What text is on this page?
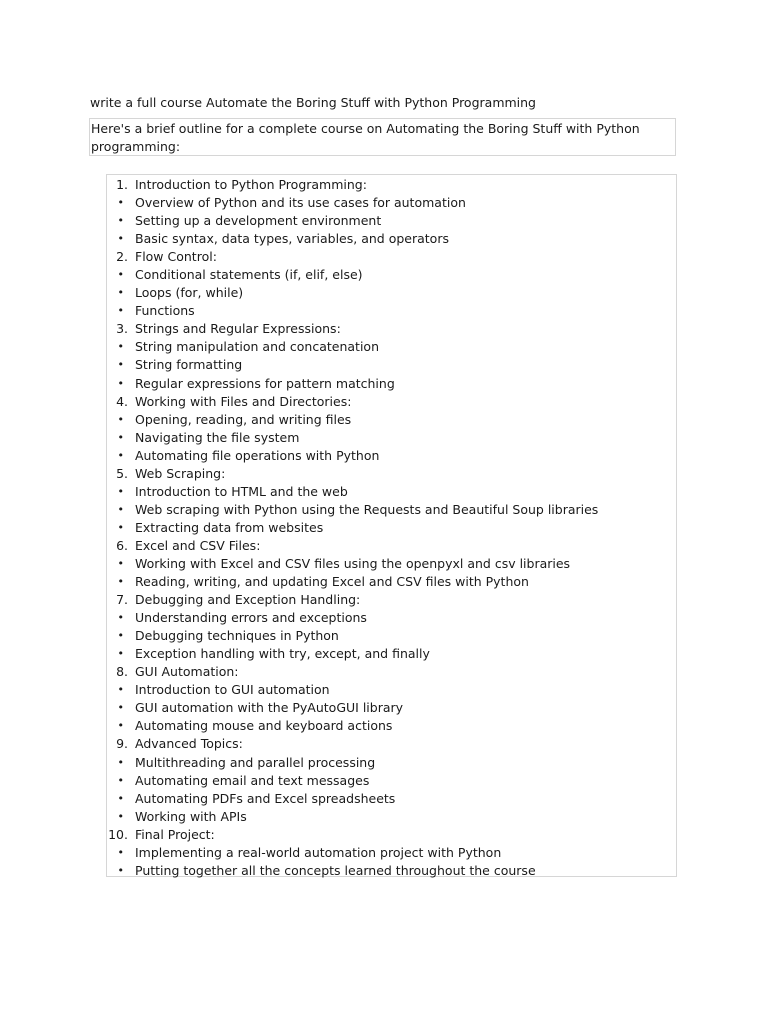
write a full course Automate the Boring Stuff with Python Programming
Here's a brief outline for a complete course on Automating the Boring Stuff with Python programming:
1. Introduction to Python Programming:
• Overview of Python and its use cases for automation
• Setting up a development environment
• Basic syntax, data types, variables, and operators
2. Flow Control:
• Conditional statements (if, elif, else)
• Loops (for, while)
• Functions
3. Strings and Regular Expressions:
• String manipulation and concatenation
• String formatting
• Regular expressions for pattern matching
4. Working with Files and Directories:
• Opening, reading, and writing files
• Navigating the file system
• Automating file operations with Python
5. Web Scraping:
• Introduction to HTML and the web
• Web scraping with Python using the Requests and Beautiful Soup libraries
• Extracting data from websites
6. Excel and CSV Files:
• Working with Excel and CSV files using the openpyxl and csv libraries
• Reading, writing, and updating Excel and CSV files with Python
7. Debugging and Exception Handling:
• Understanding errors and exceptions
• Debugging techniques in Python
• Exception handling with try, except, and finally
8. GUI Automation:
• Introduction to GUI automation
• GUI automation with the PyAutoGUI library
• Automating mouse and keyboard actions
9. Advanced Topics:
• Multithreading and parallel processing
• Automating email and text messages
• Automating PDFs and Excel spreadsheets
• Working with APIs
10. Final Project:
• Implementing a real-world automation project with Python
• Putting together all the concepts learned throughout the course
